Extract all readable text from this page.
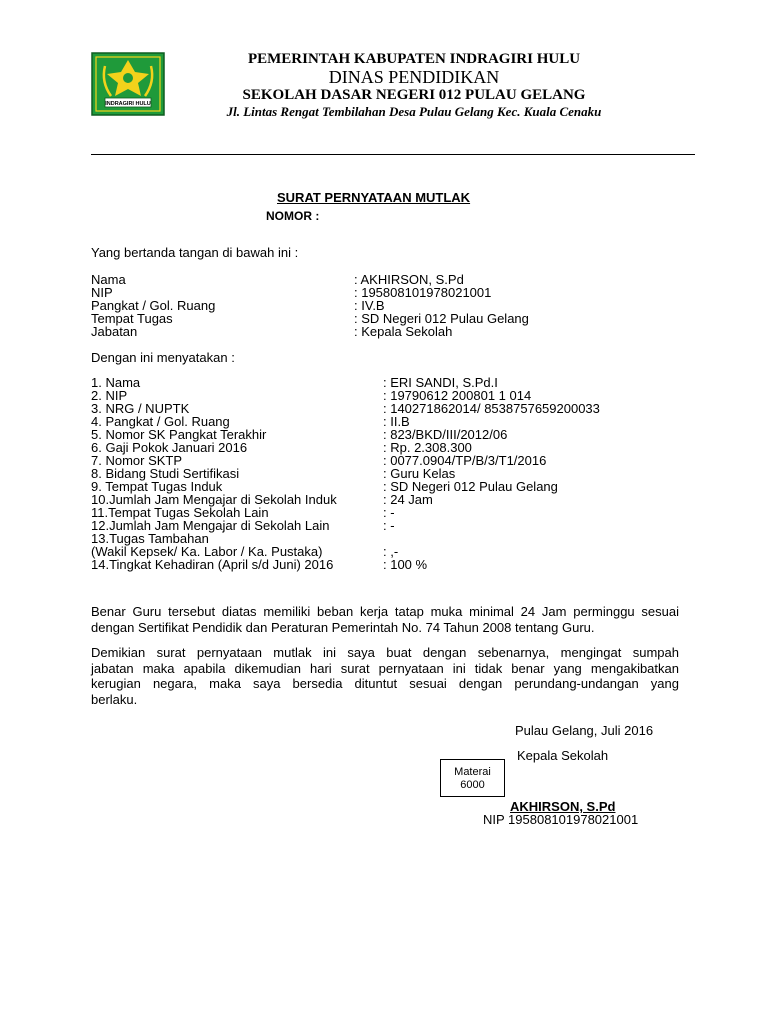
INDRAGIRI HULU
PEMERINTAH KABUPATEN INDRAGIRI HULU
DINAS PENDIDIKAN
SEKOLAH DASAR NEGERI 012 PULAU GELANG
Jl. Lintas Rengat Tembilahan Desa Pulau Gelang Kec. Kuala Cenaku
SURAT PERNYATAAN MUTLAK
NOMOR :
Yang bertanda tangan di bawah ini :
Nama	: AKHIRSON, S.Pd
NIP	: 195808101978021001
Pangkat / Gol. Ruang	: IV.B
Tempat Tugas	: SD Negeri 012 Pulau Gelang
Jabatan	: Kepala Sekolah
Dengan ini menyatakan :
1. Nama	: ERI SANDI, S.Pd.I
2. NIP	: 19790612 200801 1 014
3. NRG / NUPTK	: 140271862014/ 8538757659200033
4. Pangkat / Gol. Ruang	: II.B
5. Nomor SK Pangkat Terakhir	: 823/BKD/III/2012/06
6. Gaji Pokok Januari 2016	: Rp. 2.308.300
7. Nomor SKTP	: 0077.0904/TP/B/3/T1/2016
8. Bidang Studi Sertifikasi	: Guru Kelas
9. Tempat Tugas Induk	: SD Negeri 012 Pulau Gelang
10.Jumlah Jam Mengajar di Sekolah Induk	: 24 Jam
11.Tempat Tugas Sekolah Lain	: -
12.Jumlah Jam Mengajar di Sekolah Lain	: -
13.Tugas Tambahan
(Wakil Kepsek/ Ka. Labor / Ka. Pustaka)	: ,-
14.Tingkat Kehadiran (April s/d Juni) 2016	: 100 %
Benar Guru tersebut diatas memiliki beban kerja tatap muka minimal 24 Jam perminggu sesuai
dengan Sertifikat Pendidik dan Peraturan Pemerintah No. 74 Tahun 2008 tentang Guru.
Demikian surat pernyataan mutlak ini saya buat dengan sebenarnya, mengingat sumpah
jabatan maka apabila dikemudian hari surat pernyataan ini tidak benar yang mengakibatkan
kerugian negara, maka saya bersedia dituntut sesuai dengan perundang-undangan yang
berlaku.
Pulau Gelang, Juli 2016
Kepala Sekolah
Materai
6000
AKHIRSON, S.Pd
NIP 195808101978021001
